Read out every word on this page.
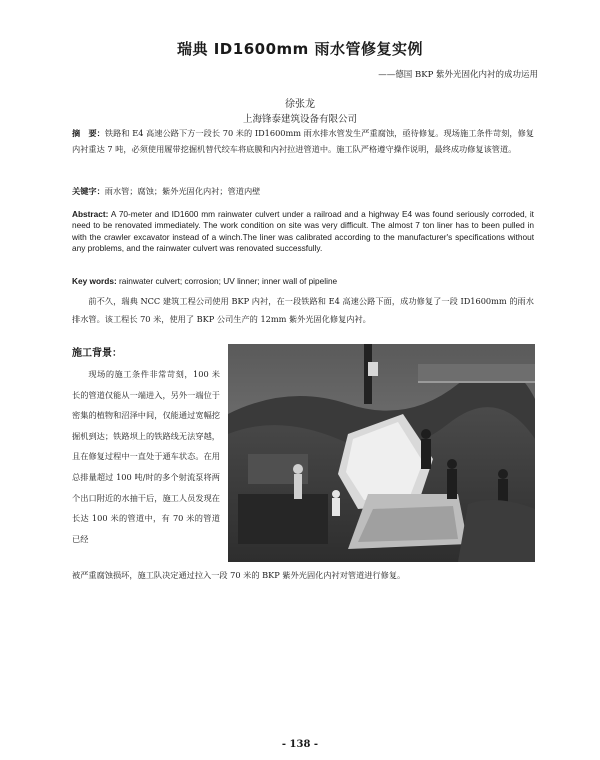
瑞典 ID1600mm 雨水管修复实例
——德国 BKP 紫外光固化内衬的成功运用
徐张龙
上海锋泰建筑设备有限公司
摘　要：铁路和 E4 高速公路下方一段长 70 米的 ID1600mm 雨水排水管发生严重腐蚀，亟待修复。现场施工条件苛刻，修复内衬重达 7 吨，必须使用履带挖掘机替代绞车将底膜和内衬拉进管道中。施工队严格遵守操作说明，最终成功修复该管道。
关键字：雨水管；腐蚀；紫外光固化内衬；管道内壁
Abstract: A 70-meter and ID1600 mm rainwater culvert under a railroad and a highway E4 was found seriously corroded, it need to be renovated immediately. The work condition on site was very difficult. The almost 7 ton liner has to been pulled in with the crawler excavator instead of a winch.The liner was calibrated according to the manufacturer's specifications without any problems, and the rainwater culvert was renovated successfully.
Key words: rainwater culvert; corrosion; UV linner; inner wall of pipeline
前不久，瑞典 NCC 建筑工程公司使用 BKP 内衬，在一段铁路和 E4 高速公路下面，成功修复了一段 ID1600mm 的雨水排水管。该工程长 70 米，使用了 BKP 公司生产的 12mm 紫外光固化修复内衬。
施工背景：
现场的施工条件非常苛刻，100 米长的管道仅能从一端进入，另外一端位于密集的植物和沼泽中间，仅能通过宽幅挖掘机到达；铁路坝上的铁路线无法穿越，且在修复过程中一直处于通车状态。在用总排量超过 100 吨/时的多个射流泵将两个出口附近的水抽干后，施工人员发现在长达 100 米的管道中，有 70 米的管道已经
被严重腐蚀损坏，施工队决定通过拉入一段 70 米的 BKP 紫外光固化内衬对管道进行修复。
- 138 -
